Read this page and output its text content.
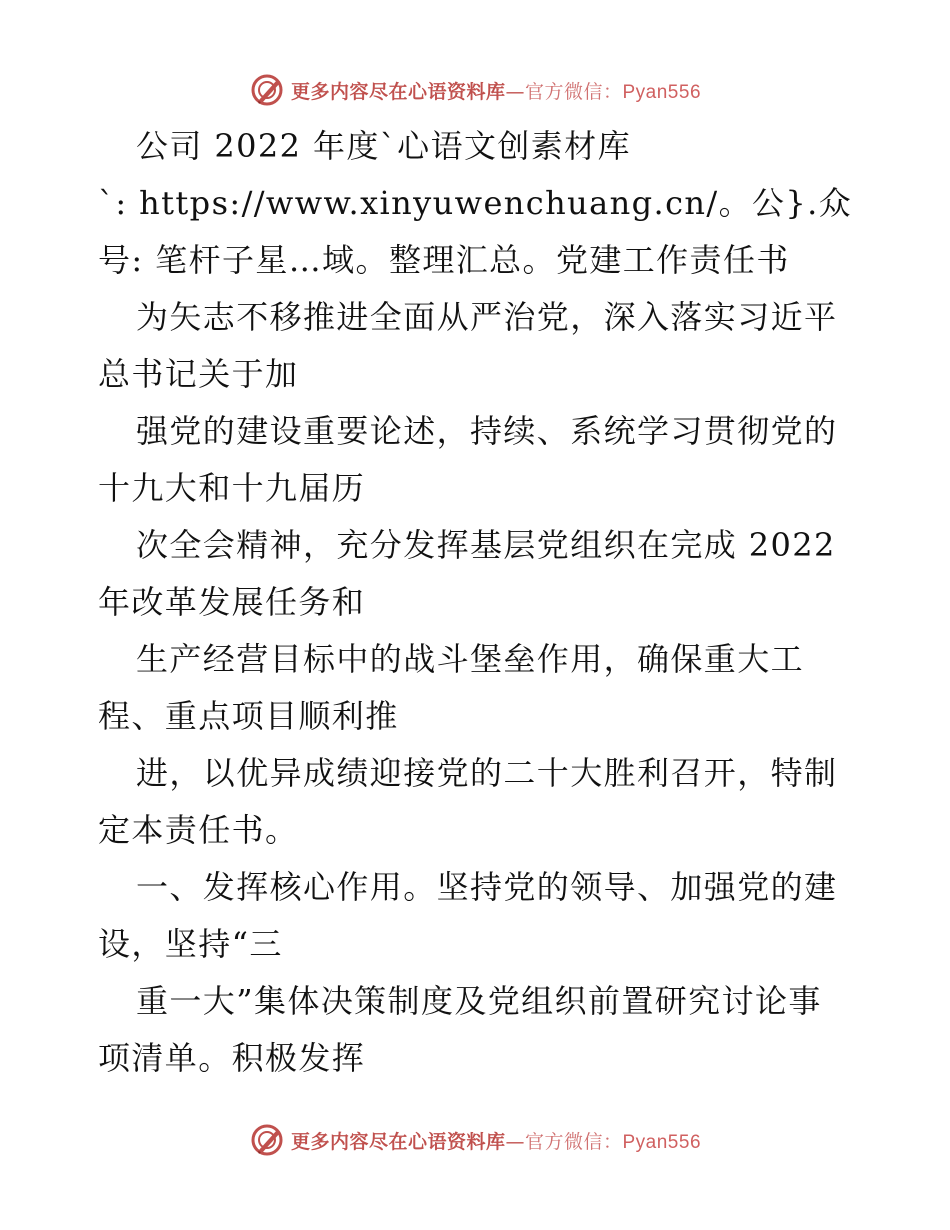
更多内容尽在心语资料库—官方微信：Pyan556
公司 2022 年度`心语文创素材库
`: https://www.xinyuwenchuang.cn/。公}.众
号: 笔杆子星…域。整理汇总。党建工作责任书
为矢志不移推进全面从严治党，深入落实习近平
总书记关于加
强党的建设重要论述，持续、系统学习贯彻党的
十九大和十九届历
次全会精神，充分发挥基层党组织在完成 2022
年改革发展任务和
生产经营目标中的战斗堡垒作用，确保重大工
程、重点项目顺利推
进，以优异成绩迎接党的二十大胜利召开，特制
定本责任书。
一、发挥核心作用。坚持党的领导、加强党的建
设，坚持“三
重一大”集体决策制度及党组织前置研究讨论事
项清单。积极发挥
更多内容尽在心语资料库—官方微信：Pyan556
